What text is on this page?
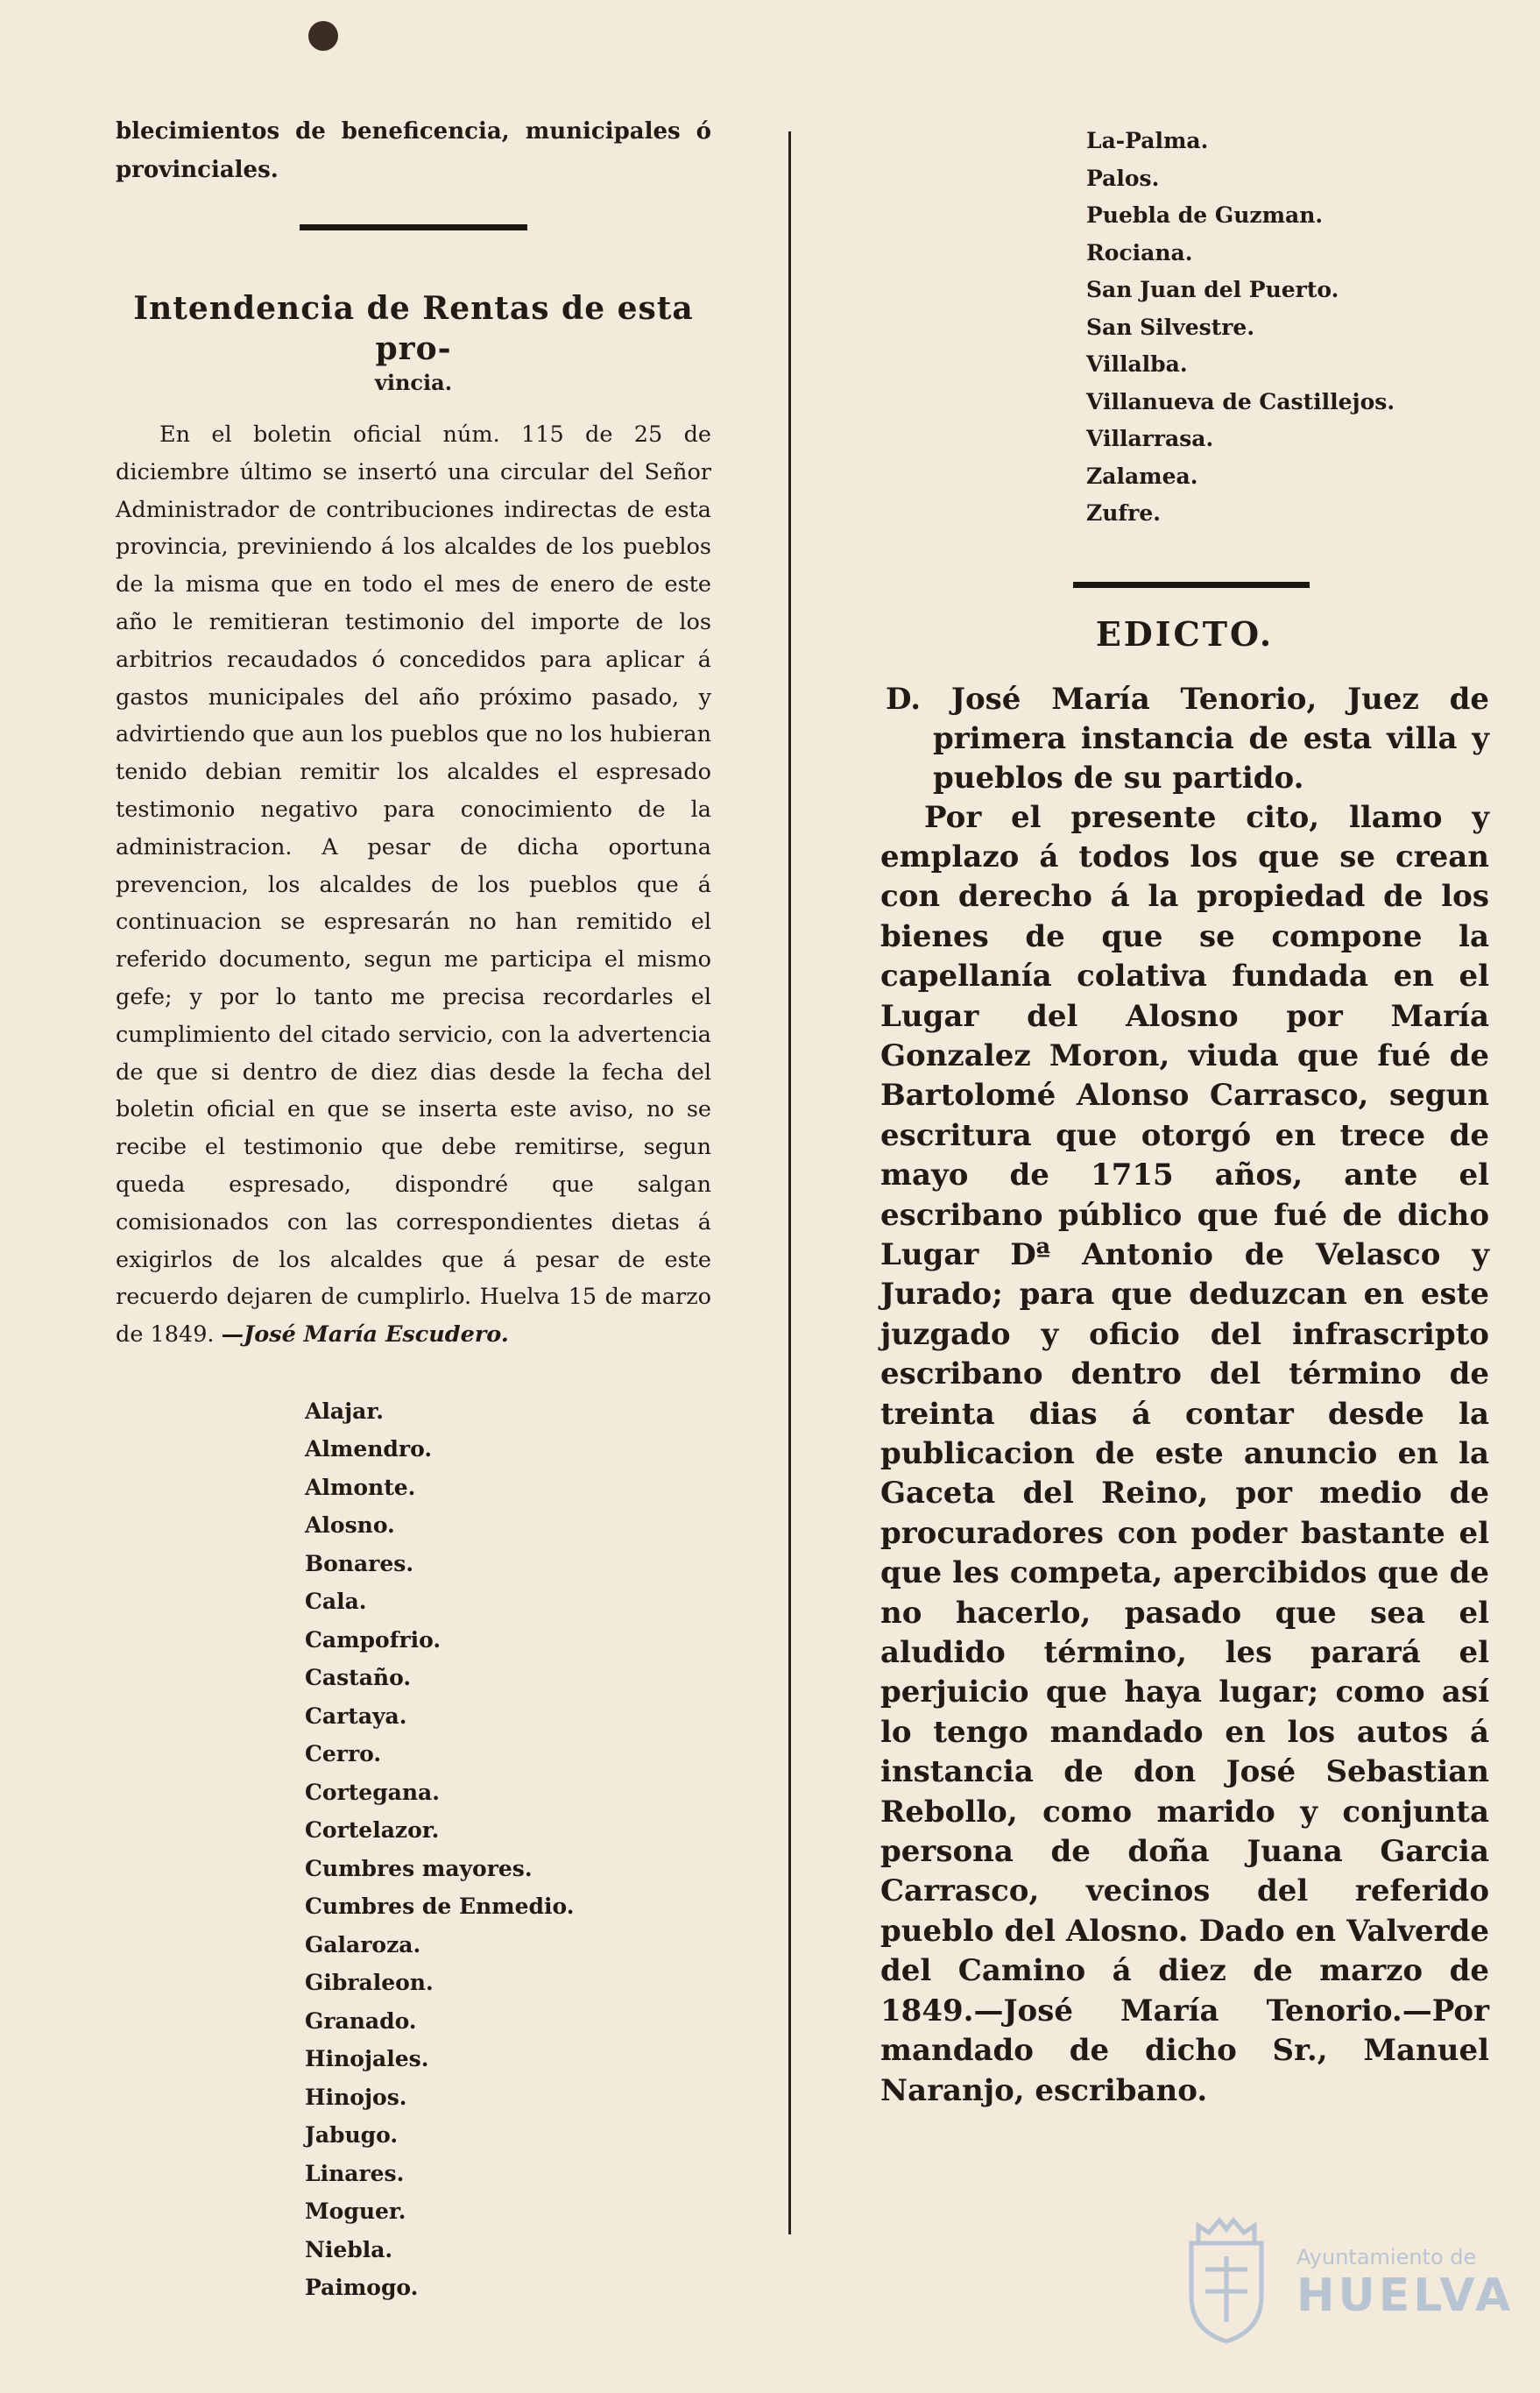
blecimientos de beneficencia, municipales ó provinciales.

Intendencia de Rentas de esta pro-

vincia.

En el boletin oficial núm. 115 de 25 de diciembre último se insertó una circular del Señor Administrador de contribuciones indirectas de esta provincia, previniendo á los alcaldes de los pueblos de la misma que en todo el mes de enero de este año le remitieran testimonio del importe de los arbitrios recaudados ó concedidos para aplicar á gastos municipales del año próximo pasado, y advirtiendo que aun los pueblos que no los hubieran tenido debian remitir los alcaldes el espresado testimonio negativo para conocimiento de la administracion. A pesar de dicha oportuna prevencion, los alcaldes de los pueblos que á continuacion se espresarán no han remitido el referido documento, segun me participa el mismo gefe; y por lo tanto me precisa recordarles el cumplimiento del citado servicio, con la advertencia de que si dentro de diez dias desde la fecha del boletin oficial en que se inserta este aviso, no se recibe el testimonio que debe remitirse, segun queda espresado, dispondré que salgan comisionados con las correspondientes dietas á exigirlos de los alcaldes que á pesar de este recuerdo dejaren de cumplirlo. Huelva 15 de marzo de 1849. —José María Escudero.

Alajar.
Almendro.
Almonte.
Alosno.
Bonares.
Cala.
Campofrio.
Castaño.
Cartaya.
Cerro.
Cortegana.
Cortelazor.
Cumbres mayores.
Cumbres de Enmedio.
Galaroza.
Gibraleon.
Granado.
Hinojales.
Hinojos.
Jabugo.
Linares.
Moguer.
Niebla.
Paimogo.
La-Palma.
Palos.
Puebla de Guzman.
Rociana.
San Juan del Puerto.
San Silvestre.
Villalba.
Villanueva de Castillejos.
Villarrasa.
Zalamea.
Zufre.
EDICTO.

D. José María Tenorio, Juez de primera instancia de esta villa y pueblos de su partido.

Por el presente cito, llamo y emplazo á todos los que se crean con derecho á la propiedad de los bienes de que se compone la capellanía colativa fundada en el Lugar del Alosno por María Gonzalez Moron, viuda que fué de Bartolomé Alonso Carrasco, segun escritura que otorgó en trece de mayo de 1715 años, ante el escribano público que fué de dicho Lugar Dª Antonio de Velasco y Jurado; para que deduzcan en este juzgado y oficio del infrascripto escribano dentro del término de treinta dias á contar desde la publicacion de este anuncio en la Gaceta del Reino, por medio de procuradores con poder bastante el que les competa, apercibidos que de no hacerlo, pasado que sea el aludido término, les parará el perjuicio que haya lugar; como así lo tengo mandado en los autos á instancia de don José Sebastian Rebollo, como marido y conjunta persona de doña Juana Garcia Carrasco, vecinos del referido pueblo del Alosno. Dado en Valverde del Camino á diez de marzo de 1849.—José María Tenorio.—Por mandado de dicho Sr., Manuel Naranjo, escribano.

Ayuntamiento de
HUELVA
